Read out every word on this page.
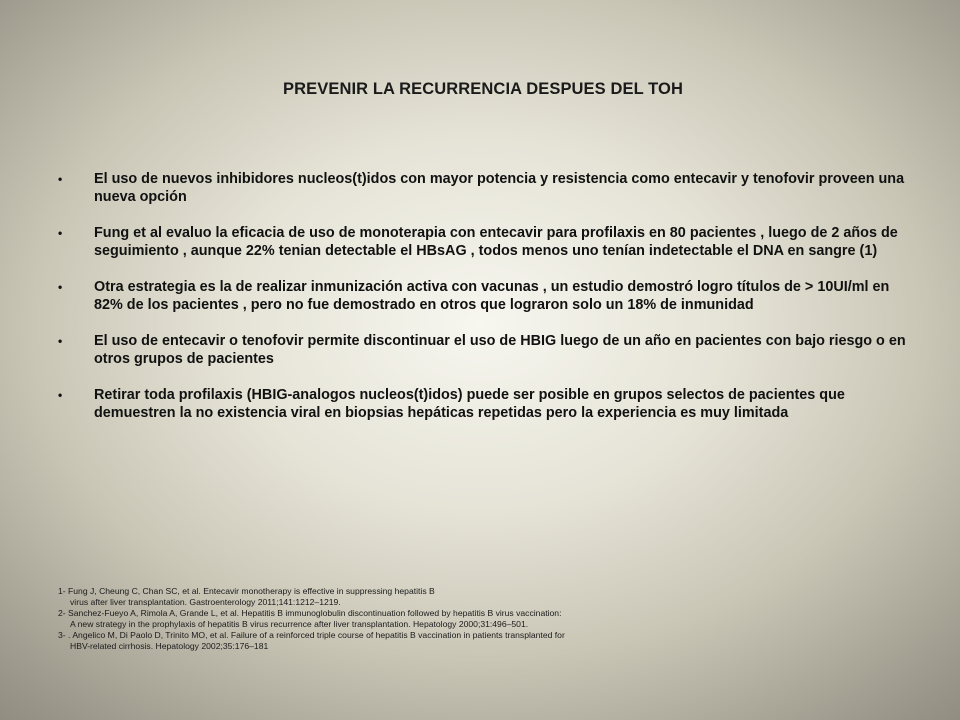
PREVENIR LA RECURRENCIA DESPUES DEL TOH
• El uso de nuevos inhibidores nucleos(t)idos con mayor potencia y resistencia como entecavir y tenofovir proveen una nueva opción
• Fung et al evaluo la eficacia de uso de monoterapia con entecavir para profilaxis en 80 pacientes , luego de 2 años de seguimiento , aunque 22% tenian detectable el HBsAG , todos menos uno tenían indetectable el DNA en sangre (1)
• Otra estrategia es la de realizar inmunización activa con vacunas , un estudio demostró logro títulos de > 10UI/ml en 82% de los pacientes , pero no fue demostrado en otros que lograron solo un 18% de inmunidad
• El uso de entecavir o tenofovir permite discontinuar el uso de HBIG luego de un año en pacientes con bajo riesgo o en otros grupos de pacientes
• Retirar toda profilaxis (HBIG-analogos nucleos(t)idos) puede ser posible en grupos selectos de pacientes que demuestren la no existencia viral en biopsias hepáticas repetidas pero la experiencia es muy limitada
1- Fung J, Cheung C, Chan SC, et al. Entecavir monotherapy is effective in suppressing hepatitis B
virus after liver transplantation. Gastroenterology 2011;141:1212–1219.
2- Sanchez-Fueyo A, Rimola A, Grande L, et al. Hepatitis B immunoglobulin discontinuation followed by hepatitis B virus vaccination:
A new strategy in the prophylaxis of hepatitis B virus recurrence after liver transplantation. Hepatology 2000;31:496–501.
3- . Angelico M, Di Paolo D, Trinito MO, et al. Failure of a reinforced triple course of hepatitis B vaccination in patients transplanted for
HBV-related cirrhosis. Hepatology 2002;35:176–181
